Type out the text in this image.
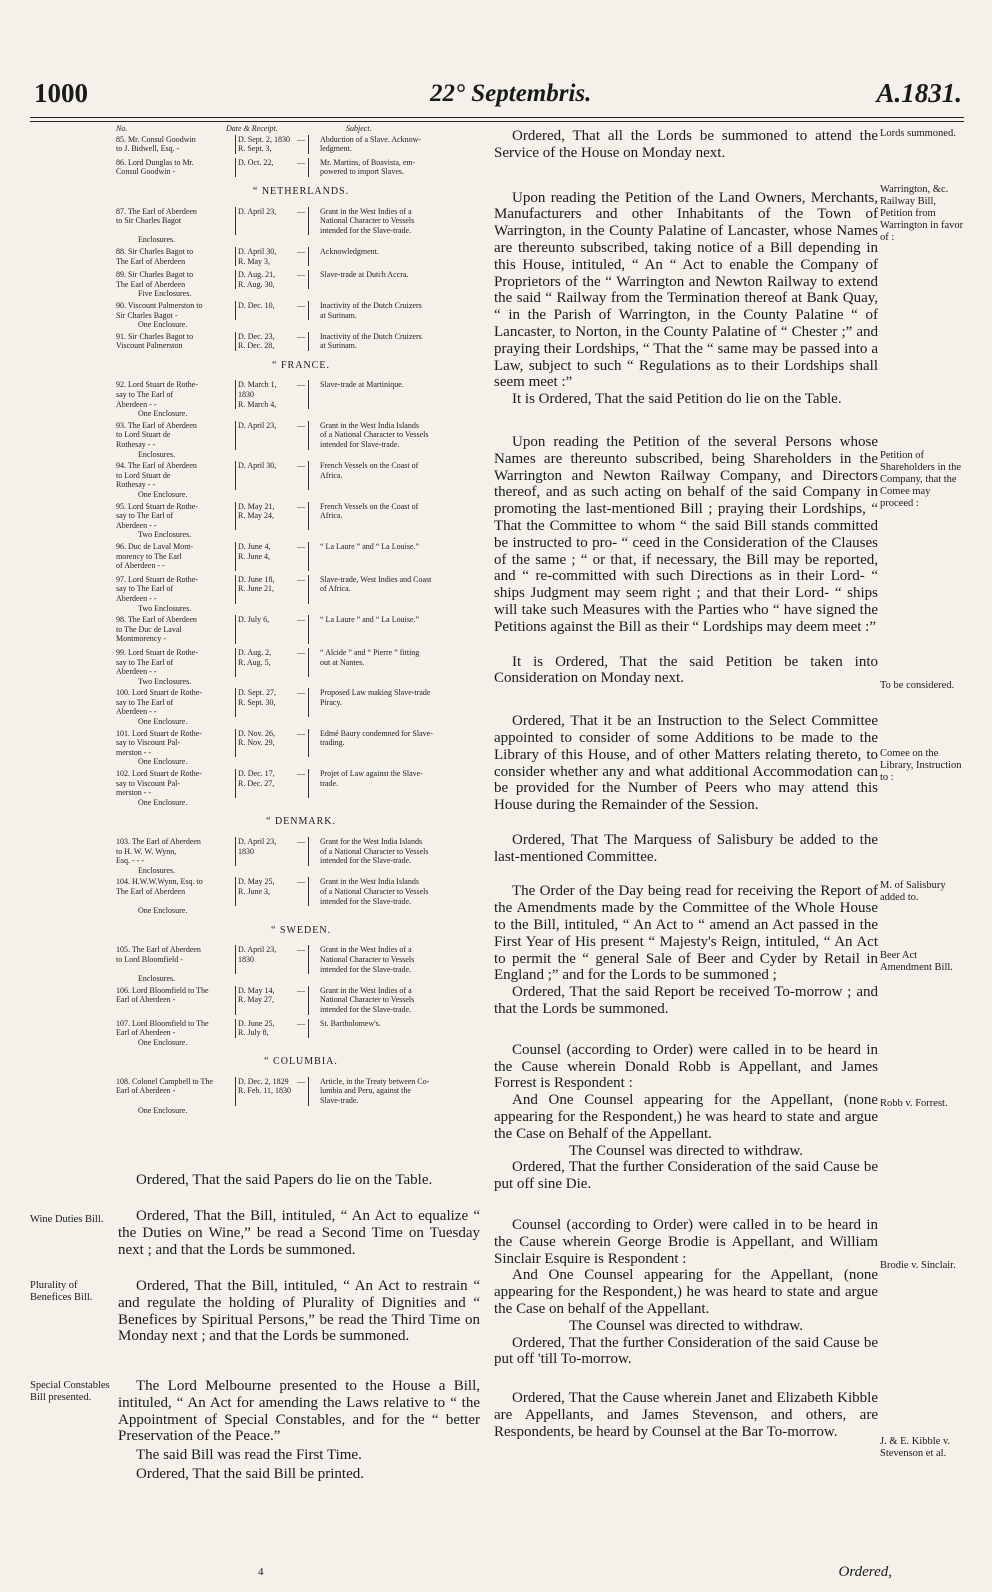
1000	22° Septembris.	A.1831.
No.	Date & Receipt.	Subject.
85. Mr. Consul Goodwin
to J. Bidwell, Esq. -
D. Sept. 2, 1830
R. Sept. 3,
—	Abduction of a Slave. Acknow-
ledgment.
86. Lord Dunglas to Mr.
Consul Goodwin -
D. Oct. 22,	—	Mr. Martins, of Boavista, em-
powered to import Slaves.
“ NETHERLANDS.
87. The Earl of Aberdeen
to Sir Charles Bagot
D. April 23,	—	Grant in the West Indies of a
National Character to Vessels
intended for the Slave-trade.
Enclosures.
88. Sir Charles Bagot to
The Earl of Aberdeen
D. April 30,
R. May 3,
—	Acknowledgment.
89. Sir Charles Bagot to
The Earl of Aberdeen
D. Aug. 21,
R. Aug. 30,
—	Slave-trade at Dutch Accra.
Five Enclosures.
90. Viscount Palmerston to
Sir Charles Bagot -
D. Dec. 10,	—	Inactivity of the Dutch Cruizers
at Surinam.
One Enclosure.
91. Sir Charles Bagot to
Viscount Palmerston
D. Dec. 23,
R. Dec. 28,
—	Inactivity of the Dutch Cruizers
at Surinam.
“ FRANCE.
92. Lord Stuart de Rothe-
say to The Earl of
Aberdeen - -
D. March 1, 1830
R. March 4,
—	Slave-trade at Martinique.
One Enclosure.
93. The Earl of Aberdeen
to Lord Stuart de
Rothesay - -
D. April 23,	—	Grant in the West India Islands
of a National Character to Vessels
intended for Slave-trade.
Enclosures.
94. The Earl of Aberdeen
to Lord Stuart de
Rothesay - -
D. April 30,	—	French Vessels on the Coast of
Africa.
One Enclosure.
95. Lord Stuart de Rothe-
say to The Earl of
Aberdeen - -
D. May 21,
R. May 24,
—	French Vessels on the Coast of
Africa.
Two Enclosures.
96. Duc de Laval Mont-
morency to The Earl
of Aberdeen - -
D. June 4,
R. June 4,
—	“ La Laure ” and “ La Louise.”
97. Lord Stuart de Rothe-
say to The Earl of
Aberdeen - -
D. June 18,
R. June 21,
—	Slave-trade, West Indies and Coast
of Africa.
Two Enclosures.
98. The Earl of Aberdeen
to The Duc de Laval
Montmorency -
D. July 6,	—	“ La Laure ” and “ La Louise.”
99. Lord Stuart de Rothe-
say to The Earl of
Aberdeen - -
D. Aug. 2,
R. Aug. 5,
—	“ Alcide ” and “ Pierre ” fitting
out at Nantes.
Two Enclosures.
100. Lord Stuart de Rothe-
say to The Earl of
Aberdeen - -
D. Sept. 27,
R. Sept. 30,
—	Proposed Law making Slave-trade
Piracy.
One Enclosure.
101. Lord Stuart de Rothe-
say to Viscount Pal-
merston - -
D. Nov. 26,
R. Nov. 29,
—	Edmé Baury condemned for Slave-
trading.
One Enclosure.
102. Lord Stuart de Rothe-
say to Viscount Pal-
merston - -
D. Dec. 17,
R. Dec. 27,
—	Projet of Law against the Slave-
trade.
One Enclosure.
“ DENMARK.
103. The Earl of Aberdeen
to H. W. W. Wynn,
Esq. - - -
D. April 23, 1830
—	Grant for the West India Islands
of a National Character to Vessels
intended for the Slave-trade.
Enclosures.
104. H.W.W.Wynn, Esq. to
The Earl of Aberdeen
D. May 25,
R. June 3,
—	Grant in the West India Islands
of a National Character to Vessels
intended for the Slave-trade.
One Enclosure.
“ SWEDEN.
105. The Earl of Aberdeen
to Lord Bloomfield -
D. April 23, 1830
—	Grant in the West Indies of a
National Character to Vessels
intended for the Slave-trade.
Enclosures.
106. Lord Bloomfield to The
Earl of Aberdeen -
D. May 14,
R. May 27,
—	Grant in the West Indies of a
National Character to Vessels
intended for the Slave-trade.
107. Lord Bloomfield to The
Earl of Aberdeen -
D. June 25,
R. July 8,
—	St. Bartholomew's.
One Enclosure.
“ COLUMBIA.
108. Colonel Campbell to The
Earl of Aberdeen -
D. Dec. 2, 1829
R. Feb. 11, 1830
—	Article, in the Treaty between Co-
lumbia and Peru, against the
Slave-trade.
One Enclosure.

Ordered, That the said Papers do lie on the Table.

Wine Duties Bill.	Ordered, That the Bill, intituled, “ An Act to equalize “ the Duties on Wine,” be read a Second Time on Tuesday next ; and that the Lords be summoned.

Plurality of Benefices Bill.

Ordered, That the Bill, intituled, “ An Act to restrain “ and regulate the holding of Plurality of Dignities and “ Benefices by Spiritual Persons,” be read the Third Time on Monday next ; and that the Lords be summoned.

Special Constables Bill presented.

The Lord Melbourne presented to the House a Bill, intituled, “ An Act for amending the Laws relative to “ the Appointment of Special Constables, and for the “ better Preservation of the Peace.”

The said Bill was read the First Time.

Ordered, That the said Bill be printed.

4

Ordered, That all the Lords be summoned to attend the Service of the House on Monday next.

Upon reading the Petition of the Land Owners, Merchants, Manufacturers and other Inhabitants of the Town of Warrington, in the County Palatine of Lancaster, whose Names are thereunto subscribed, taking notice of a Bill depending in this House, intituled, “ An “ Act to enable the Company of Proprietors of the “ Warrington and Newton Railway to extend the said “ Railway from the Termination thereof at Bank Quay, “ in the Parish of Warrington, in the County Palatine “ of Lancaster, to Norton, in the County Palatine of “ Chester ;” and praying their Lordships, “ That the “ same may be passed into a Law, subject to such “ Regulations as to their Lordships shall seem meet :”

It is Ordered, That the said Petition do lie on the Table.

Upon reading the Petition of the several Persons whose Names are thereunto subscribed, being Shareholders in the Warrington and Newton Railway Company, and Directors thereof, and as such acting on behalf of the said Company in promoting the last-mentioned Bill ; praying their Lordships, “ That the Committee to whom “ the said Bill stands committed be instructed to pro- “ ceed in the Consideration of the Clauses of the same ; “ or that, if necessary, the Bill may be reported, and “ re-committed with such Directions as in their Lord- “ ships Judgment may seem right ; and that their Lord- “ ships will take such Measures with the Parties who “ have signed the Petitions against the Bill as their “ Lordships may deem meet :”

It is Ordered, That the said Petition be taken into Consideration on Monday next.

Ordered, That it be an Instruction to the Select Committee appointed to consider of some Additions to be made to the Library of this House, and of other Matters relating thereto, to consider whether any and what additional Accommodation can be provided for the Number of Peers who may attend this House during the Remainder of the Session.

Ordered, That The Marquess of Salisbury be added to the last-mentioned Committee.

The Order of the Day being read for receiving the Report of the Amendments made by the Committee of the Whole House to the Bill, intituled, “ An Act to “ amend an Act passed in the First Year of His present “ Majesty's Reign, intituled, “ An Act to permit the “ general Sale of Beer and Cyder by Retail in England ;” and for the Lords to be summoned ;

Ordered, That the said Report be received To-morrow ; and that the Lords be summoned.

Counsel (according to Order) were called in to be heard in the Cause wherein Donald Robb is Appellant, and James Forrest is Respondent :

And One Counsel appearing for the Appellant, (none appearing for the Respondent,) he was heard to state and argue the Case on Behalf of the Appellant.

The Counsel was directed to withdraw.

Ordered, That the further Consideration of the said Cause be put off sine Die.

Counsel (according to Order) were called in to be heard in the Cause wherein George Brodie is Appellant, and William Sinclair Esquire is Respondent :

And One Counsel appearing for the Appellant, (none appearing for the Respondent,) he was heard to state and argue the Case on behalf of the Appellant.

The Counsel was directed to withdraw.

Ordered, That the further Consideration of the said Cause be put off 'till To-morrow.

Ordered, That the Cause wherein Janet and Elizabeth Kibble are Appellants, and James Stevenson, and others, are Respondents, be heard by Counsel at the Bar To-morrow.

Lords summoned.
Warrington, &c. Railway Bill, Petition from Warrington in favor of :
Petition of Shareholders in the Company, that the Comee may proceed :
To be considered.
Comee on the Library, Instruction to :
M. of Salisbury added to.
Beer Act Amendment Bill.
Robb v. Forrest.
Brodie v. Sinclair.
J. & E. Kibble v. Stevenson et al.
Ordered,
